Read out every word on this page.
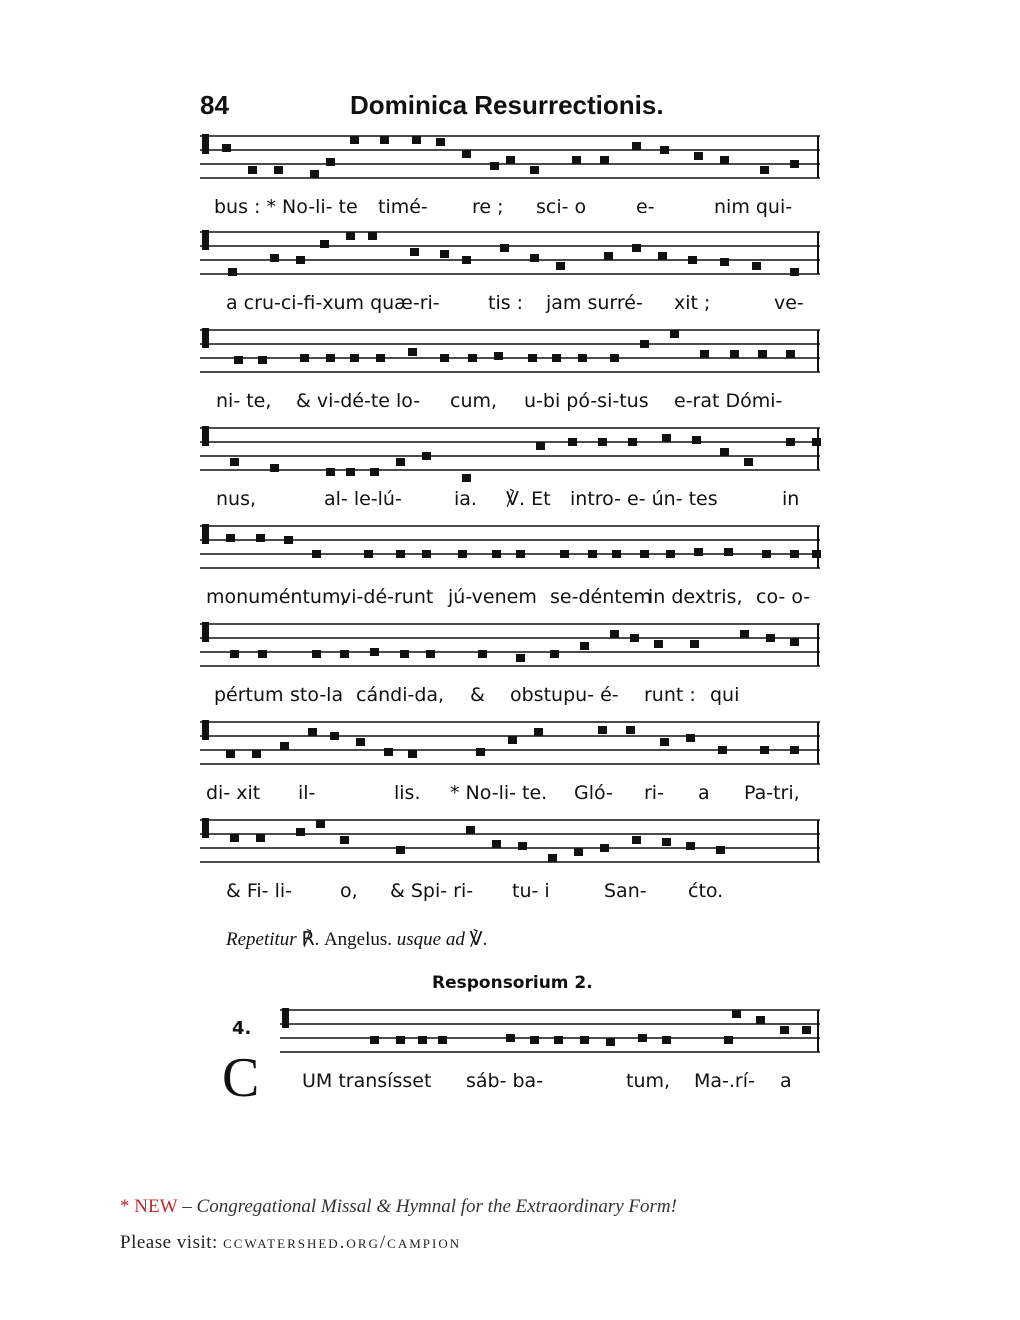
84	Dominica Resurrectionis.
bus : * No-li- te timé- re ; sci- o	e-	nim qui-
a cru-ci-fi-xum quæ-ri-	tis : jam surré- xit ;	ve-
ni- te, & vi-dé-te lo- cum, u-bi pó-si-tus e-rat Dómi-
nus,	al- le-lú-	ia. ℣. Et intro- e- ún- tes	in
monuméntum,
vi-dé-runt jú-venem se-déntem
in dextris, co- o-
pértum sto-la cándi-da, & obstupu- é- runt : qui
di- xit il-	lis. * No-li- te. Gló- ri- a Pa-tri,
& Fi- li-	o, & Spi- ri- tu- i	San- ćto.
Repetitur ℟. Angelus. usque ad ℣.
Responsorium 2.
4.
C UM transísset sáb- ba-	tum, Ma-.rí- a
* NEW – Congregational Missal & Hymnal for the Extraordinary Form!
Please visit: ccwatershed.org/campion
